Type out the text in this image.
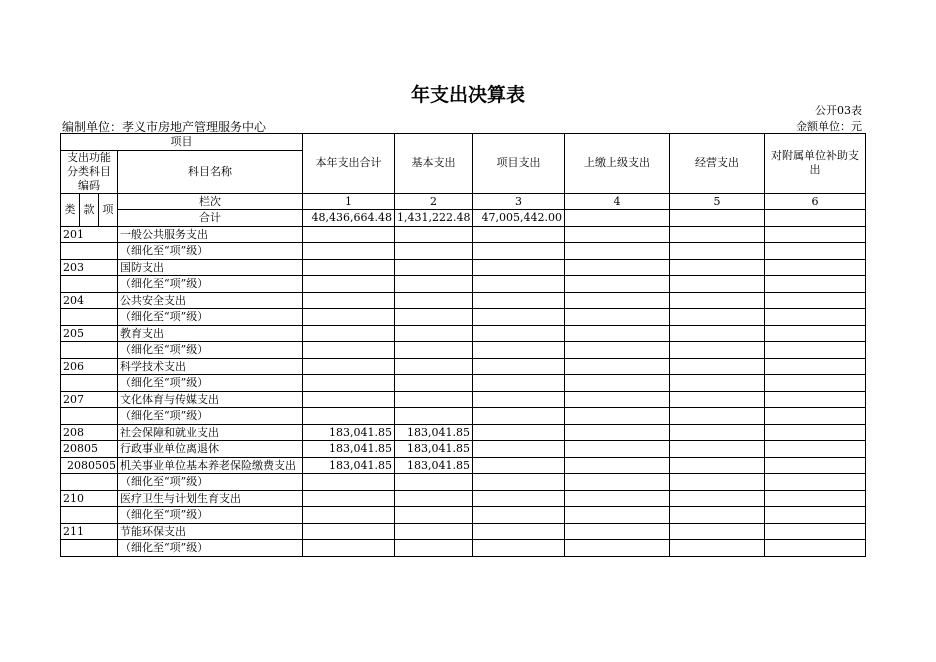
年支出决算表
公开03表
编制单位：孝义市房地产管理服务中心	金额单位：元
项目				本年支出合计	基本支出	项目支出	上缴上级支出	经营支出	对附属单位补助支出
支出功能分类科目编码			科目名称						

类	款	项	栏次	1	2	3	4	5	6
			合计	48,436,664.48	1,431,222.48	47,005,442.00			
201			一般公共服务支出						
			（细化至“项”级）						
203			国防支出						
			（细化至“项”级）						
204			公共安全支出						
			（细化至“项”级）						
205			教育支出						
			（细化至“项”级）						
206			科学技术支出						
			（细化至“项”级）						
207			文化体育与传媒支出						
			（细化至“项”级）						
208			社会保障和就业支出	183,041.85	183,041.85				
20805			行政事业单位离退休	183,041.85	183,041.85				
2080505			机关事业单位基本养老保险缴费支出	183,041.85	183,041.85				
			（细化至“项”级）						
210			医疗卫生与计划生育支出						
			（细化至“项”级）						
211			节能环保支出						
			（细化至“项”级）						
